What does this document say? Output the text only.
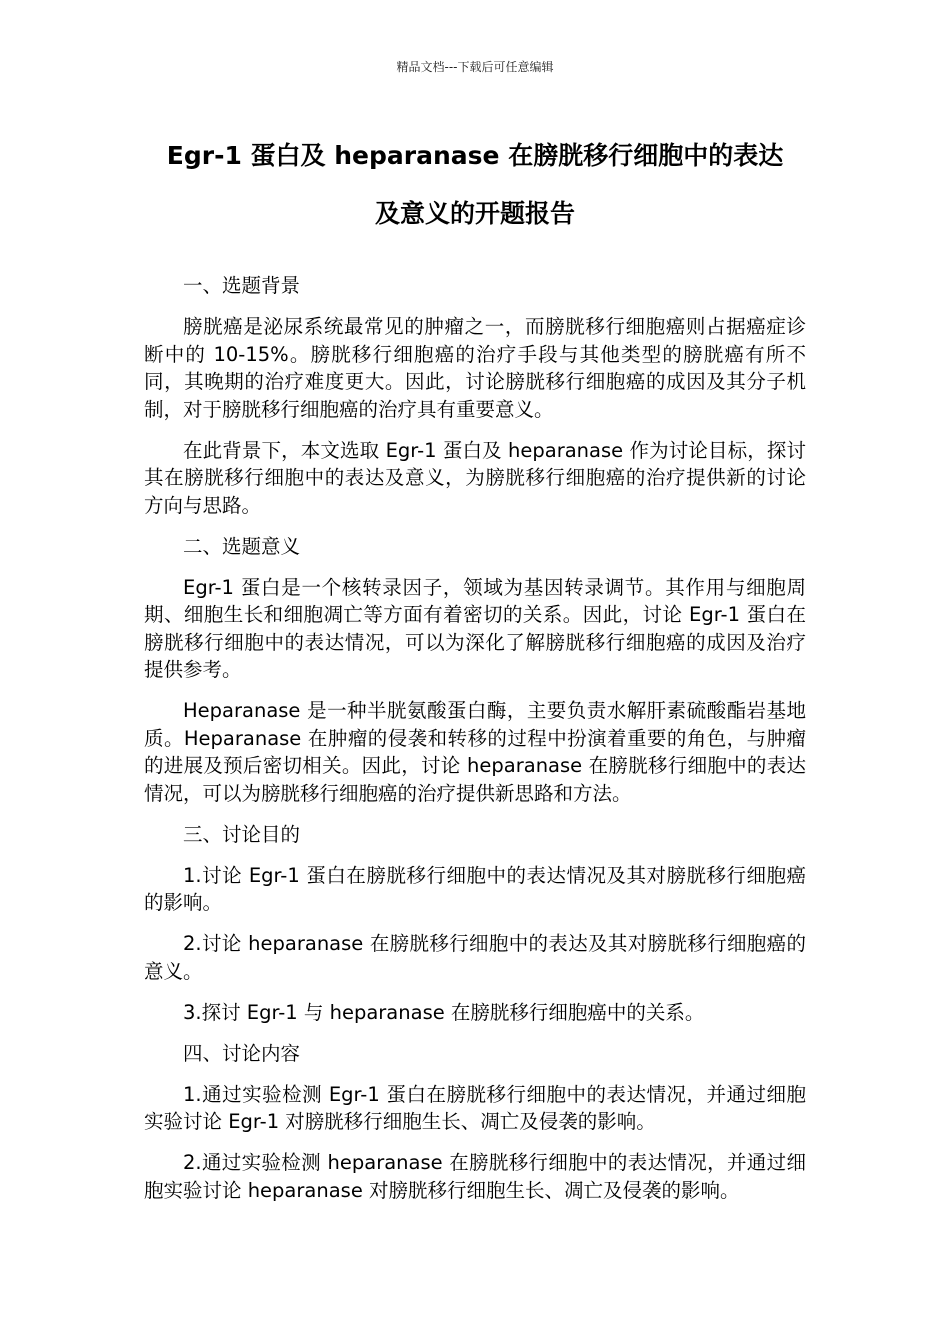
精品文档---下载后可任意编辑
Egr-1 蛋白及 heparanase 在膀胱移行细胞中的表达
及意义的开题报告

一、选题背景

膀胱癌是泌尿系统最常见的肿瘤之一，而膀胱移行细胞癌则占据癌症诊断中的 10-15%。膀胱移行细胞癌的治疗手段与其他类型的膀胱癌有所不同，其晚期的治疗难度更大。因此，讨论膀胱移行细胞癌的成因及其分子机制，对于膀胱移行细胞癌的治疗具有重要意义。

在此背景下，本文选取 Egr-1 蛋白及 heparanase 作为讨论目标，探讨其在膀胱移行细胞中的表达及意义，为膀胱移行细胞癌的治疗提供新的讨论方向与思路。

二、选题意义

Egr-1 蛋白是一个核转录因子，领域为基因转录调节。其作用与细胞周期、细胞生长和细胞凋亡等方面有着密切的关系。因此，讨论 Egr-1 蛋白在膀胱移行细胞中的表达情况，可以为深化了解膀胱移行细胞癌的成因及治疗提供参考。

Heparanase 是一种半胱氨酸蛋白酶，主要负责水解肝素硫酸酯岩基地质。Heparanase 在肿瘤的侵袭和转移的过程中扮演着重要的角色，与肿瘤的进展及预后密切相关。因此，讨论 heparanase 在膀胱移行细胞中的表达情况，可以为膀胱移行细胞癌的治疗提供新思路和方法。

三、讨论目的

1.讨论 Egr-1 蛋白在膀胱移行细胞中的表达情况及其对膀胱移行细胞癌的影响。

2.讨论 heparanase 在膀胱移行细胞中的表达及其对膀胱移行细胞癌的意义。

3.探讨 Egr-1 与 heparanase 在膀胱移行细胞癌中的关系。

四、讨论内容

1.通过实验检测 Egr-1 蛋白在膀胱移行细胞中的表达情况，并通过细胞实验讨论 Egr-1 对膀胱移行细胞生长、凋亡及侵袭的影响。

2.通过实验检测 heparanase 在膀胱移行细胞中的表达情况，并通过细胞实验讨论 heparanase 对膀胱移行细胞生长、凋亡及侵袭的影响。
